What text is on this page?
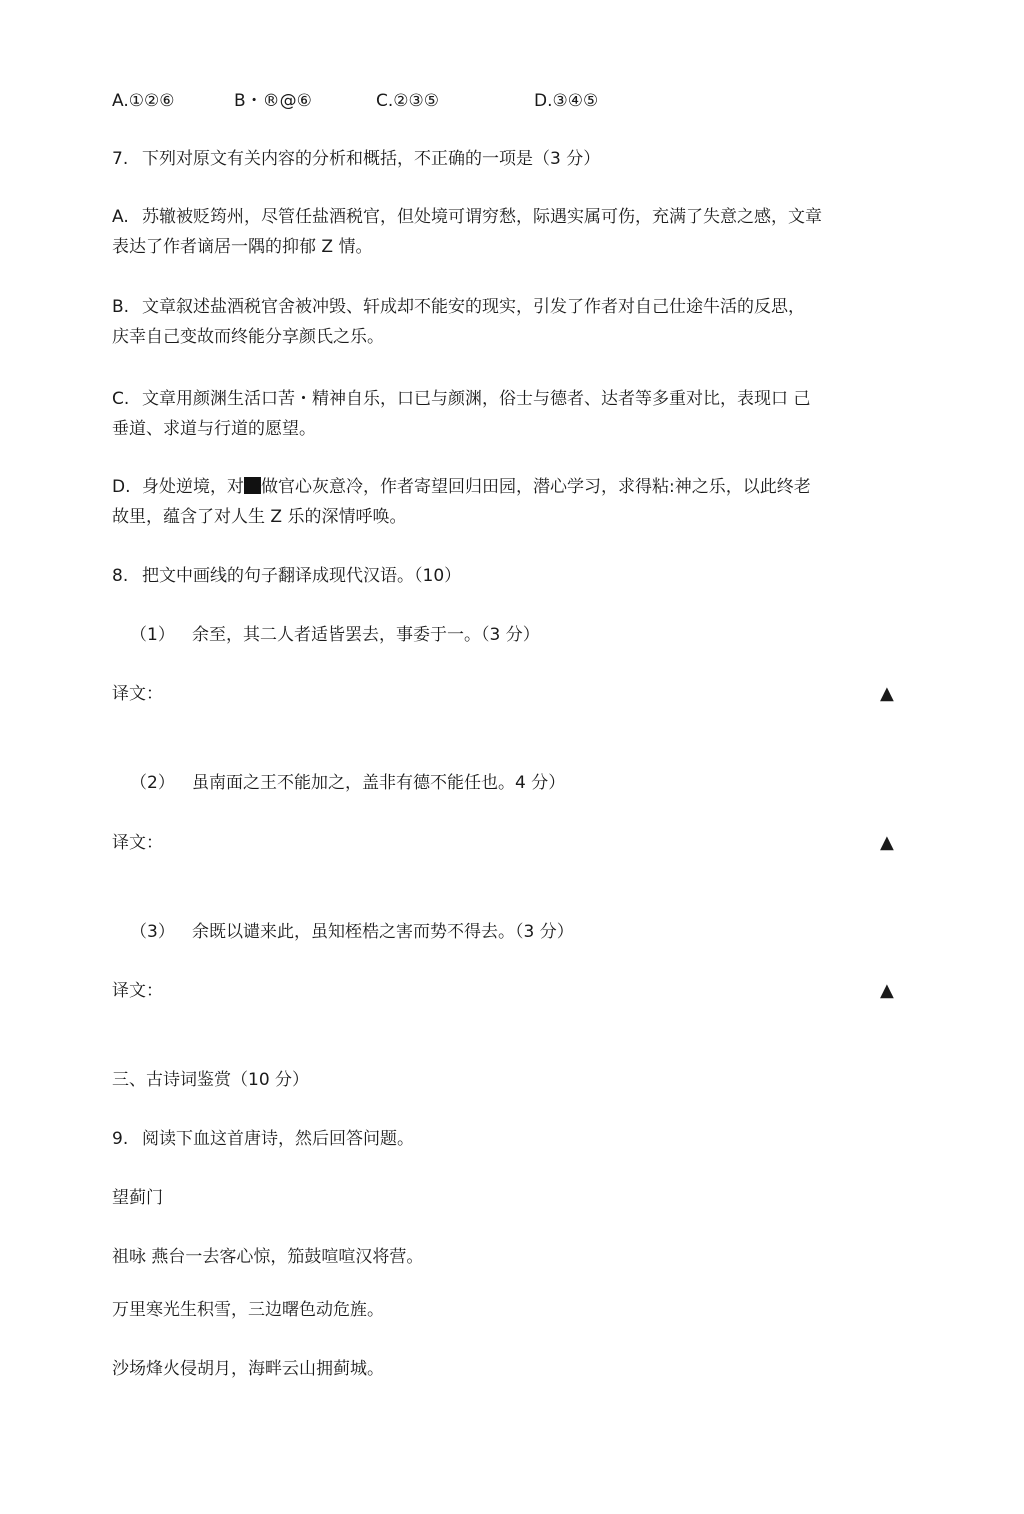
A.①②⑥	B・®@⑥	C.②③⑤	D.③④⑤
7. 下列对原文有关内容的分析和概括，不正确的一项是（3 分）
A. 苏辙被贬筠州，尽管任盐酒税官，但处境可谓穷愁，际遇实属可伤，充满了失意之感，文章
表达了作者谪居一隅的抑郁 Z 情。
B. 文章叙述盐酒税官舍被冲毁、轩成却不能安的现实，引发了作者对自己仕途牛活的反思，
庆幸自己变故而终能分享颜氏之乐。
C. 文章用颜渊生活口苦・精神自乐，口已与颜渊，俗士与德者、达者等多重对比，表现口 己
垂道、求道与行道的愿望。
D. 身处逆境，对 做官心灰意冷，作者寄望回归田园，潜心学习，求得粘:神之乐，以此终老
故里，蕴含了对人生 Z 乐的深情呼唤。
8. 把文中画线的句子翻译成现代汉语。（10）
（1） 余至，其二人者适皆罢去，事委于一。（3 分）
译文：	▲
（2） 虽南面之王不能加之，盖非有德不能任也。4 分）
译文：	▲
（3） 余既以谴来此，虽知桎梏之害而势不得去。（3 分）
译文：	▲
三、古诗词鉴赏（10 分）
9. 阅读下血这首唐诗，然后回答问题。
望蓟门
祖咏 燕台一去客心惊，笳鼓喧喧汉将营。
万里寒光生积雪，三边曙色动危旌。
沙场烽火侵胡月，海畔云山拥蓟城。
